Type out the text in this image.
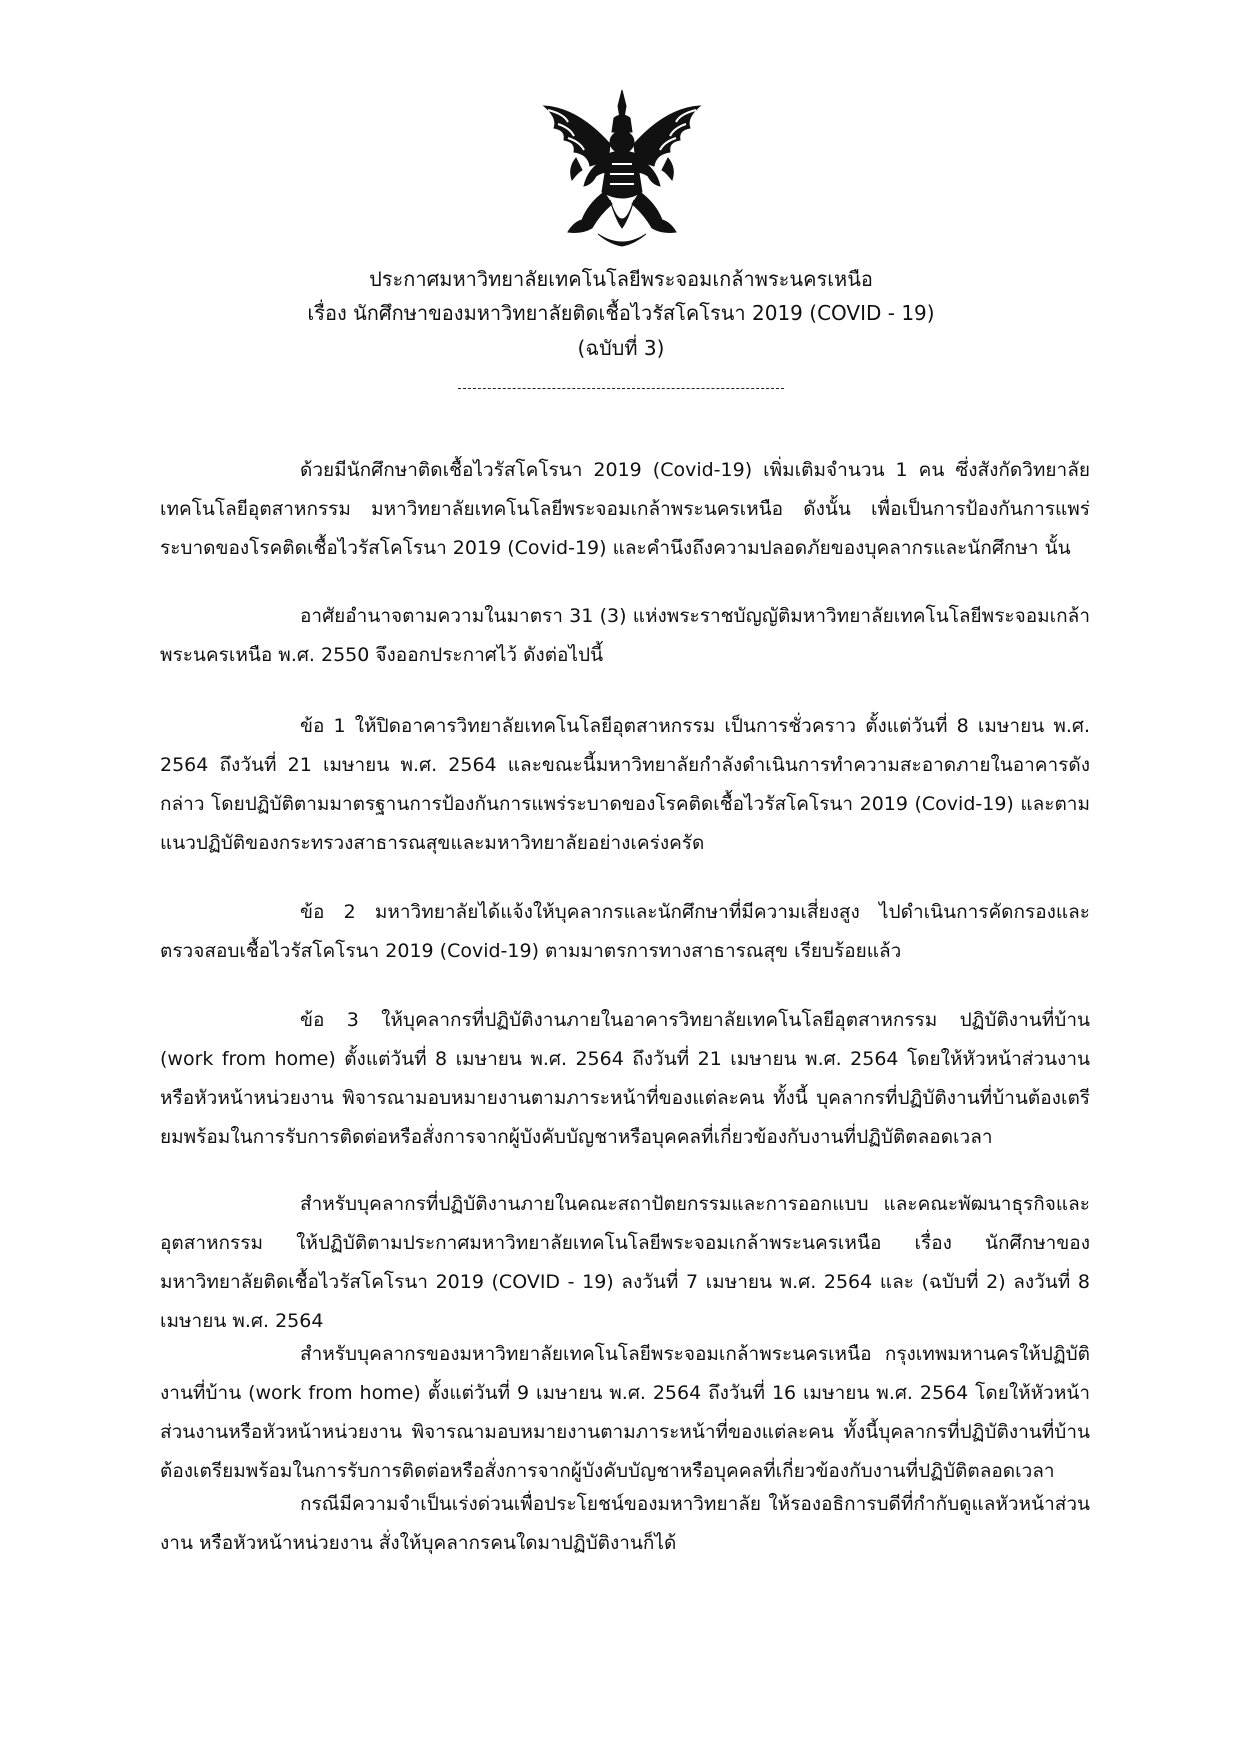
ประกาศมหาวิทยาลัยเทคโนโลยีพระจอมเกล้าพระนครเหนือ
เรื่อง นักศึกษาของมหาวิทยาลัยติดเชื้อไวรัสโคโรนา 2019 (COVID - 19)
(ฉบับที่ 3)

ด้วยมีนักศึกษาติดเชื้อไวรัสโคโรนา 2019 (Covid-19) เพิ่มเติมจำนวน 1 คน ซึ่งสังกัดวิทยาลัยเทคโนโลยีอุตสาหกรรม มหาวิทยาลัยเทคโนโลยีพระจอมเกล้าพระนครเหนือ ดังนั้น เพื่อเป็นการป้องกันการแพร่ระบาดของโรคติดเชื้อไวรัสโคโรนา 2019 (Covid-19) และคำนึงถึงความปลอดภัยของบุคลากรและนักศึกษา นั้น

อาศัยอำนาจตามความในมาตรา 31 (3) แห่งพระราชบัญญัติมหาวิทยาลัยเทคโนโลยีพระจอมเกล้าพระนครเหนือ พ.ศ. 2550 จึงออกประกาศไว้ ดังต่อไปนี้

ข้อ 1 ให้ปิดอาคารวิทยาลัยเทคโนโลยีอุตสาหกรรม เป็นการชั่วคราว ตั้งแต่วันที่ 8 เมษายน พ.ศ. 2564 ถึงวันที่ 21 เมษายน พ.ศ. 2564 และขณะนี้มหาวิทยาลัยกำลังดำเนินการทำความสะอาดภายในอาคารดังกล่าว โดยปฏิบัติตามมาตรฐานการป้องกันการแพร่ระบาดของโรคติดเชื้อไวรัสโคโรนา 2019 (Covid-19) และตามแนวปฏิบัติของกระทรวงสาธารณสุขและมหาวิทยาลัยอย่างเคร่งครัด

ข้อ 2 มหาวิทยาลัยได้แจ้งให้บุคลากรและนักศึกษาที่มีความเสี่ยงสูง ไปดำเนินการคัดกรองและตรวจสอบเชื้อไวรัสโคโรนา 2019 (Covid-19) ตามมาตรการทางสาธารณสุข เรียบร้อยแล้ว

ข้อ 3 ให้บุคลากรที่ปฏิบัติงานภายในอาคารวิทยาลัยเทคโนโลยีอุตสาหกรรม ปฏิบัติงานที่บ้าน (work from home) ตั้งแต่วันที่ 8 เมษายน พ.ศ. 2564 ถึงวันที่ 21 เมษายน พ.ศ. 2564 โดยให้หัวหน้าส่วนงานหรือหัวหน้าหน่วยงาน พิจารณามอบหมายงานตามภาระหน้าที่ของแต่ละคน ทั้งนี้ บุคลากรที่ปฏิบัติงานที่บ้านต้องเตรียมพร้อมในการรับการติดต่อหรือสั่งการจากผู้บังคับบัญชาหรือบุคคลที่เกี่ยวข้องกับงานที่ปฏิบัติตลอดเวลา

สำหรับบุคลากรที่ปฏิบัติงานภายในคณะสถาปัตยกรรมและการออกแบบ และคณะพัฒนาธุรกิจและอุตสาหกรรม ให้ปฏิบัติตามประกาศมหาวิทยาลัยเทคโนโลยีพระจอมเกล้าพระนครเหนือ เรื่อง นักศึกษาของมหาวิทยาลัยติดเชื้อไวรัสโคโรนา 2019 (COVID - 19) ลงวันที่ 7 เมษายน พ.ศ. 2564 และ (ฉบับที่ 2) ลงวันที่ 8 เมษายน พ.ศ. 2564

สำหรับบุคลากรของมหาวิทยาลัยเทคโนโลยีพระจอมเกล้าพระนครเหนือ กรุงเทพมหานครให้ปฏิบัติงานที่บ้าน (work from home) ตั้งแต่วันที่ 9 เมษายน พ.ศ. 2564 ถึงวันที่ 16 เมษายน พ.ศ. 2564 โดยให้หัวหน้าส่วนงานหรือหัวหน้าหน่วยงาน พิจารณามอบหมายงานตามภาระหน้าที่ของแต่ละคน ทั้งนี้บุคลากรที่ปฏิบัติงานที่บ้านต้องเตรียมพร้อมในการรับการติดต่อหรือสั่งการจากผู้บังคับบัญชาหรือบุคคลที่เกี่ยวข้องกับงานที่ปฏิบัติตลอดเวลา

กรณีมีความจำเป็นเร่งด่วนเพื่อประโยชน์ของมหาวิทยาลัย ให้รองอธิการบดีที่กำกับดูแลหัวหน้าส่วนงาน หรือหัวหน้าหน่วยงาน สั่งให้บุคลากรคนใดมาปฏิบัติงานก็ได้
